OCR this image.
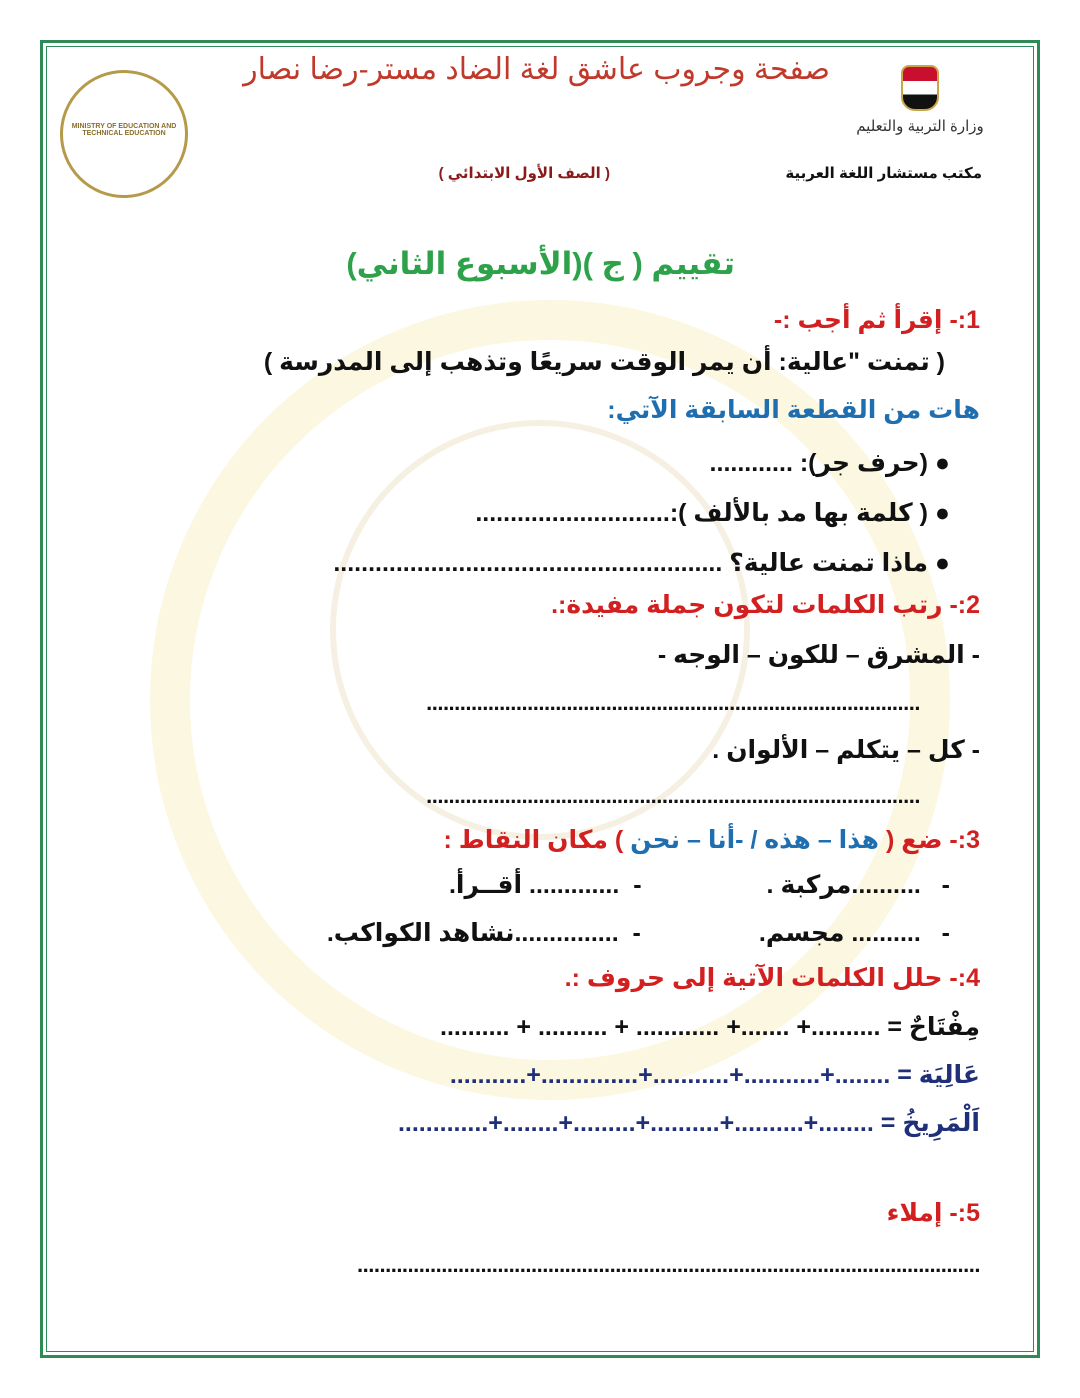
MINISTRY OF EDUCATION AND TECHNICAL EDUCATION	وزارة التربية والتعليم
صفحة وجروب عاشق لغة الضاد مستر-رضا نصار
مكتب مستشار اللغة العربية
( الصف الأول الابتدائي )
تقييم ( ج )(الأسبوع الثاني)
1:- إقرأ ثم أجب :-
( تمنت "عالية: أن يمر الوقت سريعًا وتذهب إلى المدرسة )
هات من القطعة السابقة الآتي:
● (حرف جر): ............
● ( كلمة بها مد بالألف ):............................
● ماذا تمنت عالية؟ ........................................................
2:- رتب الكلمات لتكون جملة مفيدة:.
- المشرق – للكون – الوجه -
........................................................................................
- كل – يتكلم – الألوان .
........................................................................................
3:- ضع ( هذا – هذه / -أنا – نحن ) مكان النقاط :
-   ..........مركبة .                  -  ............. أقــرأ.
-   .......... مجسم.                 -  ...............نشاهد الكواكب.
4:- حلل الكلمات الآتية إلى حروف :.
مِفْتَاحٌ = ..........+ .......+ ............ + .......... + ..........
عَالِيَة = ........+...........+...........+..............+...........
اَلْمَرِيخُ = ........+..........+..........+.........+........+.............
5:- إملاء
...............................................................................................................
